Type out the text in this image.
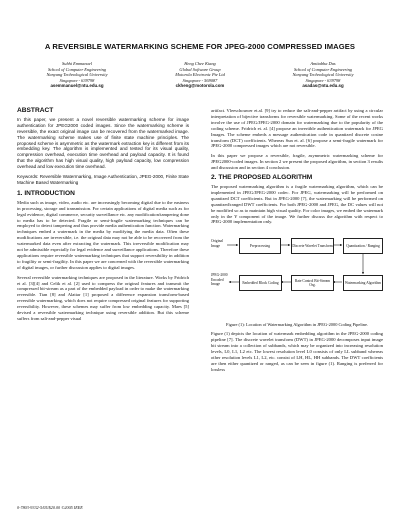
A REVERSIBLE WATERMARKING SCHEME FOR JPEG-2000 COMPRESSED IMAGES
Subhi Emmanuel
School of Computer Engineering
Nanyang Technological University
Singapore - 639798
asemmanuel@ntu.edu.sg
Heng Chee Kiang
Global Software Group
Motorola Electronic Pte Ltd
Singapore - 569087
ckheng@motorola.com
Amitabha Das
School of Computer Engineering
Nanyang Technological University
Singapore - 639798
asadas@ntu.edu.sg
ABSTRACT

In this paper, we present a novel reversible watermarking scheme for image authentication for JPEG2000 coded images. Since the watermarking scheme is reversible, the exact original image can be recovered from the watermarked image. The watermarking scheme makes use of finite state machine principles. The proposed scheme is asymmetric as the watermark extraction key is different from its embedding key. The algorithm is implemented and tested for its visual quality, compression overhead, execution time overhead and payload capacity. It is found that the algorithm has high visual quality, high payload capacity, low compression overhead and low execution time overhead.

Keywords: Reversible Watermarking, Image Authentication, JPEG-2000, Finite State Machine Based Watermarking

1. INTRODUCTION

Media such as image, video, audio etc. are increasingly becoming digital due to the easiness in processing, storage and transmission. For certain applications of digital media such as for legal evidence, digital commerce, security surveillance etc. any modification/tampering done to media has to be detected. Fragile or semi-fragile watermarking techniques can be employed to detect tampering and thus provide media authentication function. Watermarking techniques embed a watermark in the media by modifying the media data. Often these modifications are irreversible, i.e. the original data may not be able to be recovered from the watermarked data even after extracting the watermark. This irreversible modification may not be admissible especially for legal evidence and surveillance applications. Therefore these applications require reversible watermarking techniques that support reversibility in addition to fragility or semi-fragility. In this paper we are concerned with the reversible watermarking of digital images, or further discussion applies to digital images.

Several reversible watermarking techniques are proposed in the literature. Works by Fridrich et al. [3][4] and Celik et al. [2] used to compress the original features and transmit the compressed bit-stream as a part of the embedded payload in order to make the watermarking reversible. Tian [8] and Alattar [1] proposed a difference expansion transform-based reversible watermarking, which does not require compressed original features for supporting reversibility. However, these schemes may suffer from low embedding capacity. Maes [5] devised a reversible watermarking technique using reversible addition. But this scheme suffers from salt-and-pepper visual

artifact. Vleeschouwer et.al. [9] try to reduce the salt-and-pepper artifact by using a circular interpretation of bijective transforms for reversible watermarking. Some of the recent works involve the use of JPEG/JPEG-2000 domain for watermarking due to the popularity of the coding scheme. Fridrich et. al. [4] propose an invertible authentication watermark for JPEG Images. The scheme embeds a message authentication code in quantized discrete cosine transform (DCT) coefficients. Whereas Sun et. al. [6] propose a semi-fragile watermark for JPEG-2000 compressed images which are not reversible.

In this paper we propose a reversible, fragile, asymmetric watermarking scheme for JPEG2000-coded images. In section 2 we present the proposed algorithm, in section 3 results and discussion and in section 4 conclusion.

2. THE PROPOSED ALGORITHM

The proposed watermarking algorithm is a fragile watermarking algorithm, which can be implemented in JPEG/JPEG-2000 codec. For JPEG, watermarking will be performed on quantized DCT coefficients. But in JPEG-2000 [7], the watermarking will be performed on quantized/ranged DWT coefficients. For both JPEG-2000 and JPEG, the DC values will not be modified so as to maintain high visual quality. For color images, we embed the watermark only in the Y component of the image. We further discuss the algorithm with respect to JPEG-2000 implementation only.

Original Image	Preprocessing	Discrete Wavelet Transform	Quantization / Ranging
JPEG-2000 Encoded Image	Embedded Block Coding
Rate Control Bit-Stream Org.
Watermarking Algorithm
Figure (1): Location of Watermarking Algorithm in JPEG-2000 Coding Pipeline.

Figure (1) depicts the location of watermark embedding algorithm in the JPEG-2000 coding pipeline [7]. The discrete wavelet transform (DWT) in JPEG-2000 decomposes input image bit stream into a collection of subbands, which may be organized into increasing resolution levels, L0, L1, L2 etc. The lowest resolution level L0 consists of only LL subband whereas other resolution levels L1, L2, etc. consist of LH, HL, HH subbands. The DWT coefficients are then either quantized or ranged, as can be seen in figure (1). Ranging is preferred for lossless

0-7803-9332-5/05/$20.00 ©2005 IEEE
